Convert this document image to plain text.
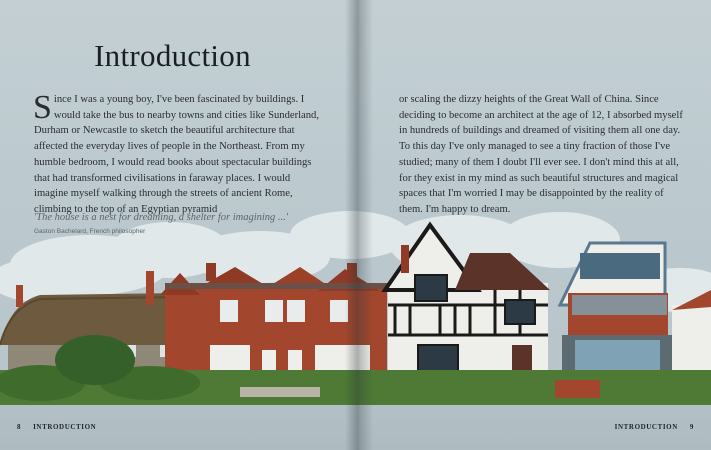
Introduction
Since I was a young boy, I've been fascinated by buildings. I would take the bus to nearby towns and cities like Sunderland, Durham or Newcastle to sketch the beautiful architecture that affected the everyday lives of people in the Northeast. From my humble bedroom, I would read books about spectacular buildings that had transformed civilisations in faraway places. I would imagine myself walking through the streets of ancient Rome, climbing to the top of an Egyptian pyramid
'The house is a nest for dreaming, a shelter for imagining ...'
Gaston Bachelard, French philosopher
or scaling the dizzy heights of the Great Wall of China. Since deciding to become an architect at the age of 12, I absorbed myself in hundreds of buildings and dreamed of visiting them all one day. To this day I've only managed to see a tiny fraction of those I've studied; many of them I doubt I'll ever see. I don't mind this at all, for they exist in my mind as such beautiful structures and magical spaces that I'm worried I may be disappointed by the reality of them. I'm happy to dream.
8 INTRODUCTION	INTRODUCTION 9
